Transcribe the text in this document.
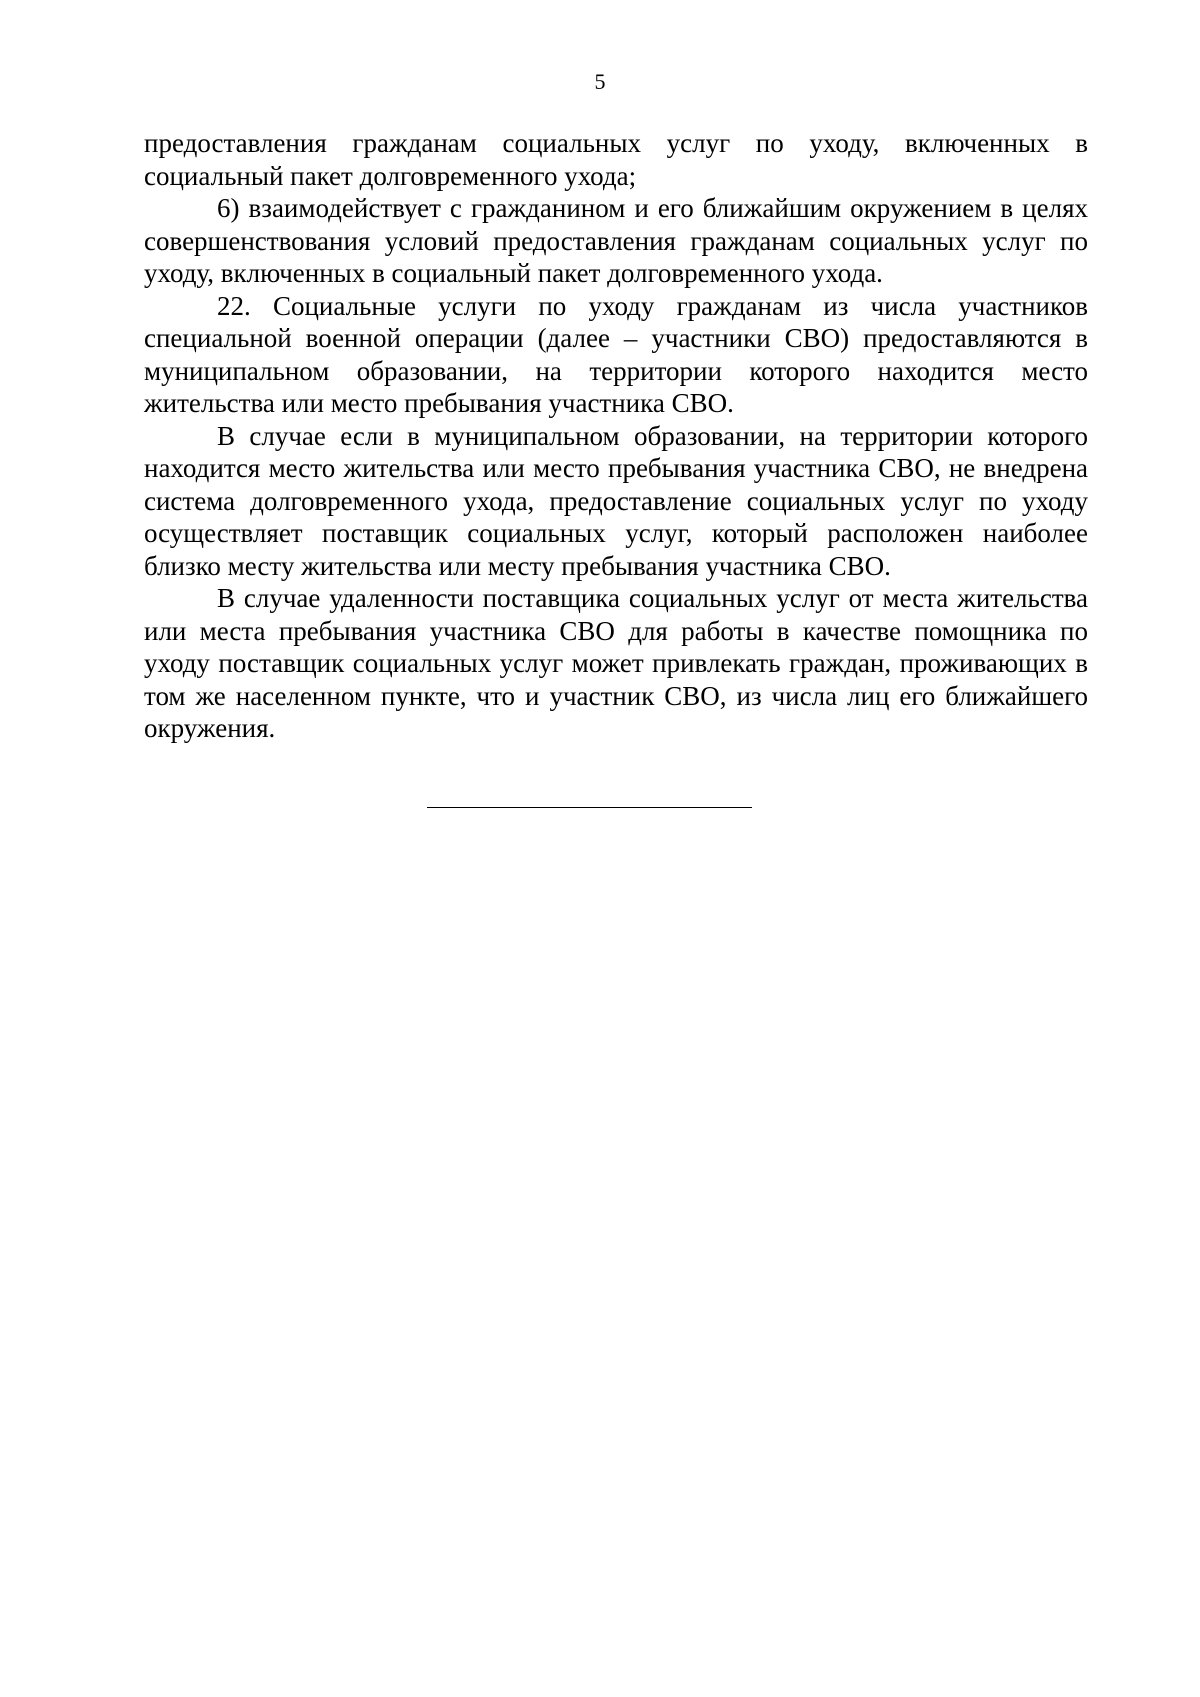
5

предоставления гражданам социальных услуг по уходу, включенных в социальный пакет долговременного ухода;

6) взаимодействует с гражданином и его ближайшим окружением в целях совершенствования условий предоставления гражданам социальных услуг по уходу, включенных в социальный пакет долговременного ухода.

22. Социальные услуги по уходу гражданам из числа участников специальной военной операции (далее – участники СВО) предоставляются в муниципальном образовании, на территории которого находится место жительства или место пребывания участника СВО.

В случае если в муниципальном образовании, на территории которого находится место жительства или место пребывания участника СВО, не внедрена система долговременного ухода, предоставление социальных услуг по уходу осуществляет поставщик социальных услуг, который расположен наиболее близко месту жительства или месту пребывания участника СВО.

В случае удаленности поставщика социальных услуг от места жительства или места пребывания участника СВО для работы в качестве помощника по уходу поставщик социальных услуг может привлекать граждан, проживающих в том же населенном пункте, что и участник СВО, из числа лиц его ближайшего окружения.
